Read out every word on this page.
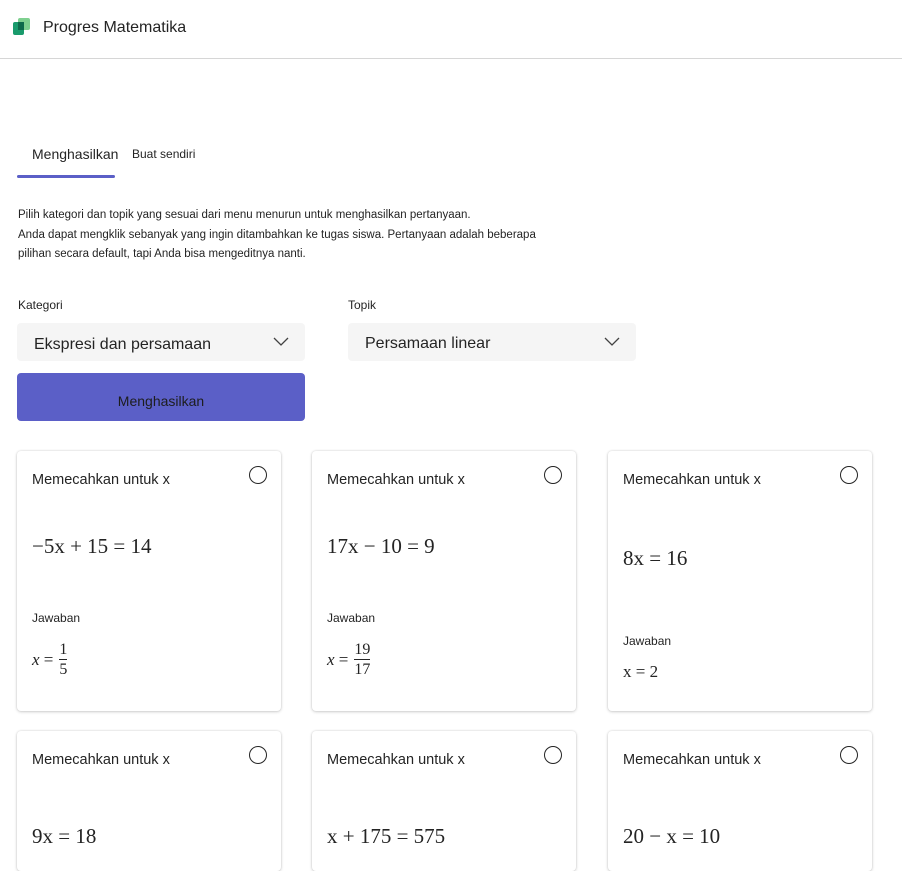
Progres Matematika
Menghasilkan Buat sendiri
Pilih kategori dan topik yang sesuai dari menu menurun untuk menghasilkan pertanyaan.
Anda dapat mengklik sebanyak yang ingin ditambahkan ke tugas siswa. Pertanyaan adalah beberapa
pilihan secara default, tapi Anda bisa mengeditnya nanti.
Kategori
Ekspresi dan persamaan
Topik
Persamaan linear
Menghasilkan
Memecahkan untuk x
−5x + 15 = 14
Jawaban
$x = \frac{1}{5}$
Memecahkan untuk x
17x − 10 = 9
Jawaban
$x = \frac{19}{17}$
Memecahkan untuk x
8x = 16
Jawaban
x = 2
Memecahkan untuk x
9x = 18
Memecahkan untuk x
x + 175 = 575
Memecahkan untuk x
20 − x = 10
